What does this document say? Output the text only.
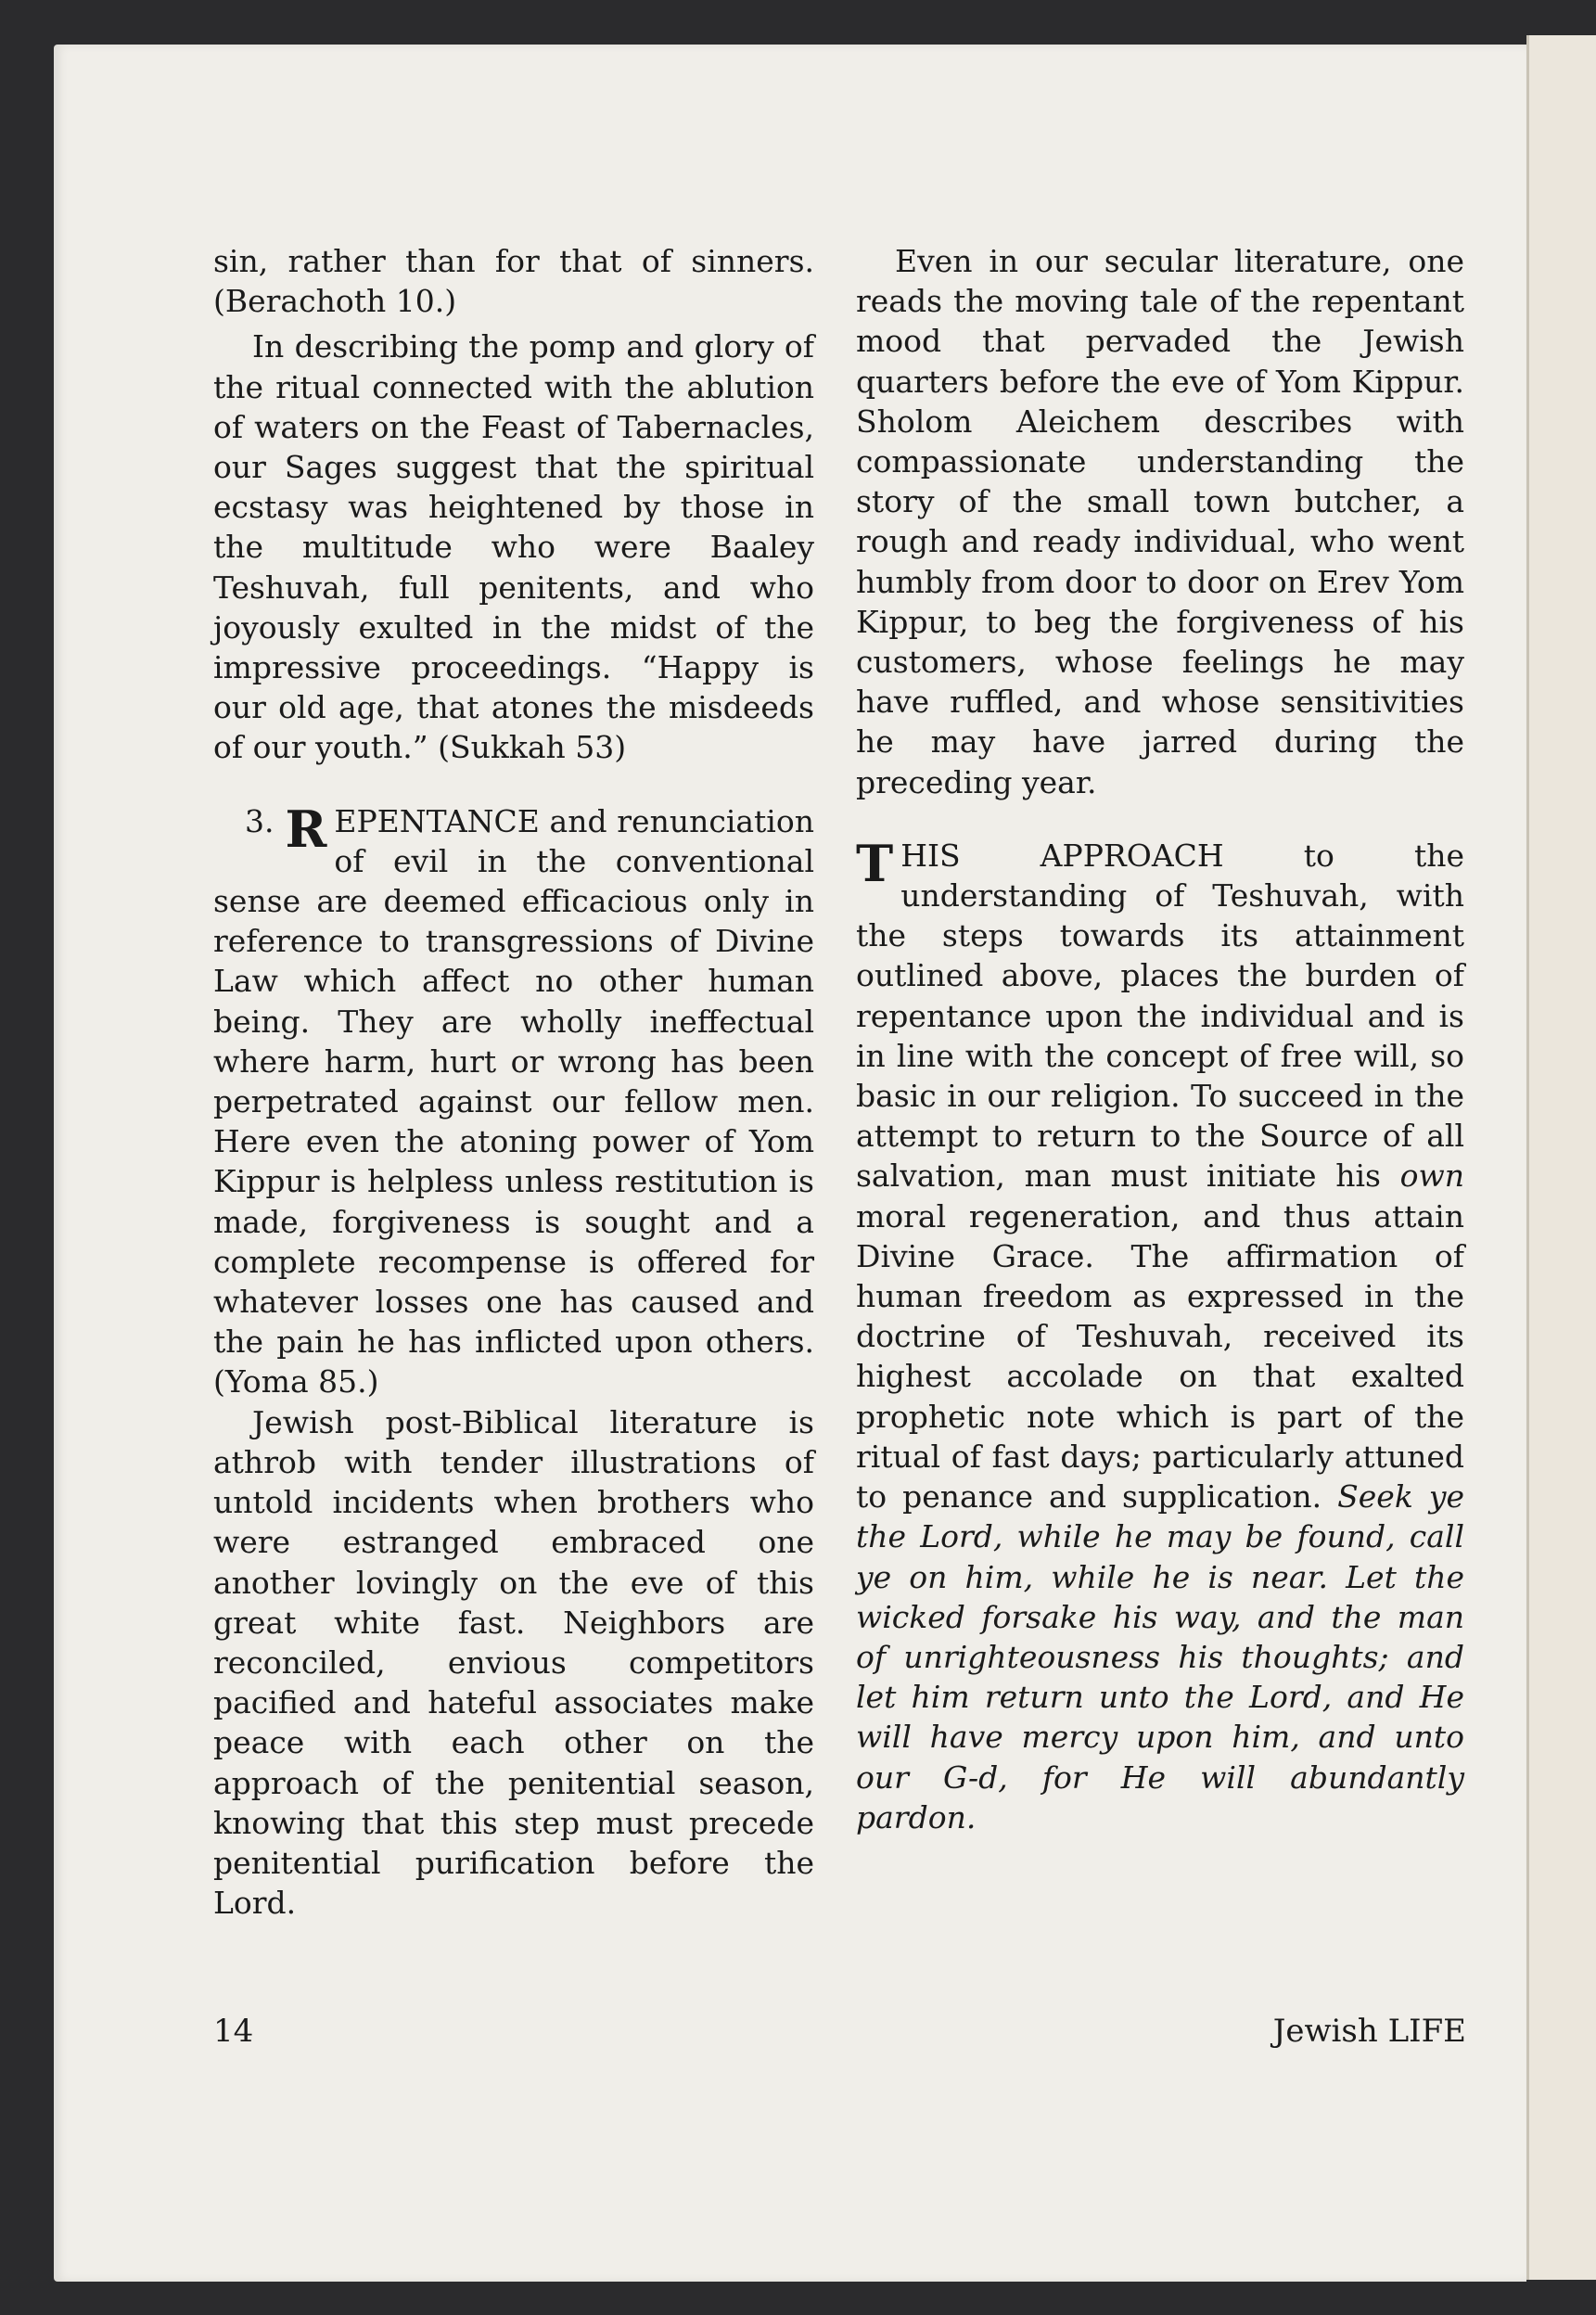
sin, rather than for that of sinners. (Berachoth 10.)

In describing the pomp and glory of the ritual connected with the ablution of waters on the Feast of Tabernacles, our Sages suggest that the spiritual ecstasy was heightened by those in the multitude who were Baaley Teshuvah, full penitents, and who joyously exulted in the midst of the impressive proceedings. “Happy is our old age, that atones the misdeeds of our youth.” (Sukkah 53)

3. R EPENTANCE and renunciation of evil in the conventional sense are deemed efficacious only in reference to transgressions of Divine Law which affect no other human being. They are wholly ineffectual where harm, hurt or wrong has been perpetrated against our fellow men. Here even the atoning power of Yom Kippur is helpless unless restitution is made, forgiveness is sought and a complete recompense is offered for whatever losses one has caused and the pain he has inflicted upon others. (Yoma 85.)

Jewish post-Biblical literature is athrob with tender illustrations of untold incidents when brothers who were estranged embraced one another lovingly on the eve of this great white fast. Neighbors are reconciled, envious competitors pacified and hateful associates make peace with each other on the approach of the penitential season, knowing that this step must precede penitential purification before the Lord.

Even in our secular literature, one reads the moving tale of the repentant mood that pervaded the Jewish quarters before the eve of Yom Kippur. Sholom Aleichem describes with compassionate understanding the story of the small town butcher, a rough and ready individual, who went humbly from door to door on Erev Yom Kippur, to beg the forgiveness of his customers, whose feelings he may have ruffled, and whose sensitivities he may have jarred during the preceding year.

THIS APPROACH to the understanding of Teshuvah, with the steps towards its attainment outlined above, places the burden of repentance upon the individual and is in line with the concept of free will, so basic in our religion. To succeed in the attempt to return to the Source of all salvation, man must initiate his own moral regeneration, and thus attain Divine Grace. The affirmation of human freedom as expressed in the doctrine of Teshuvah, received its highest accolade on that exalted prophetic note which is part of the ritual of fast days; particularly attuned to penance and supplication. Seek ye the Lord, while he may be found, call ye on him, while he is near. Let the wicked forsake his way, and the man of unrighteousness his thoughts; and let him return unto the Lord, and He will have mercy upon him, and unto our G-d, for He will abundantly pardon.

14	Jewish LIFE
